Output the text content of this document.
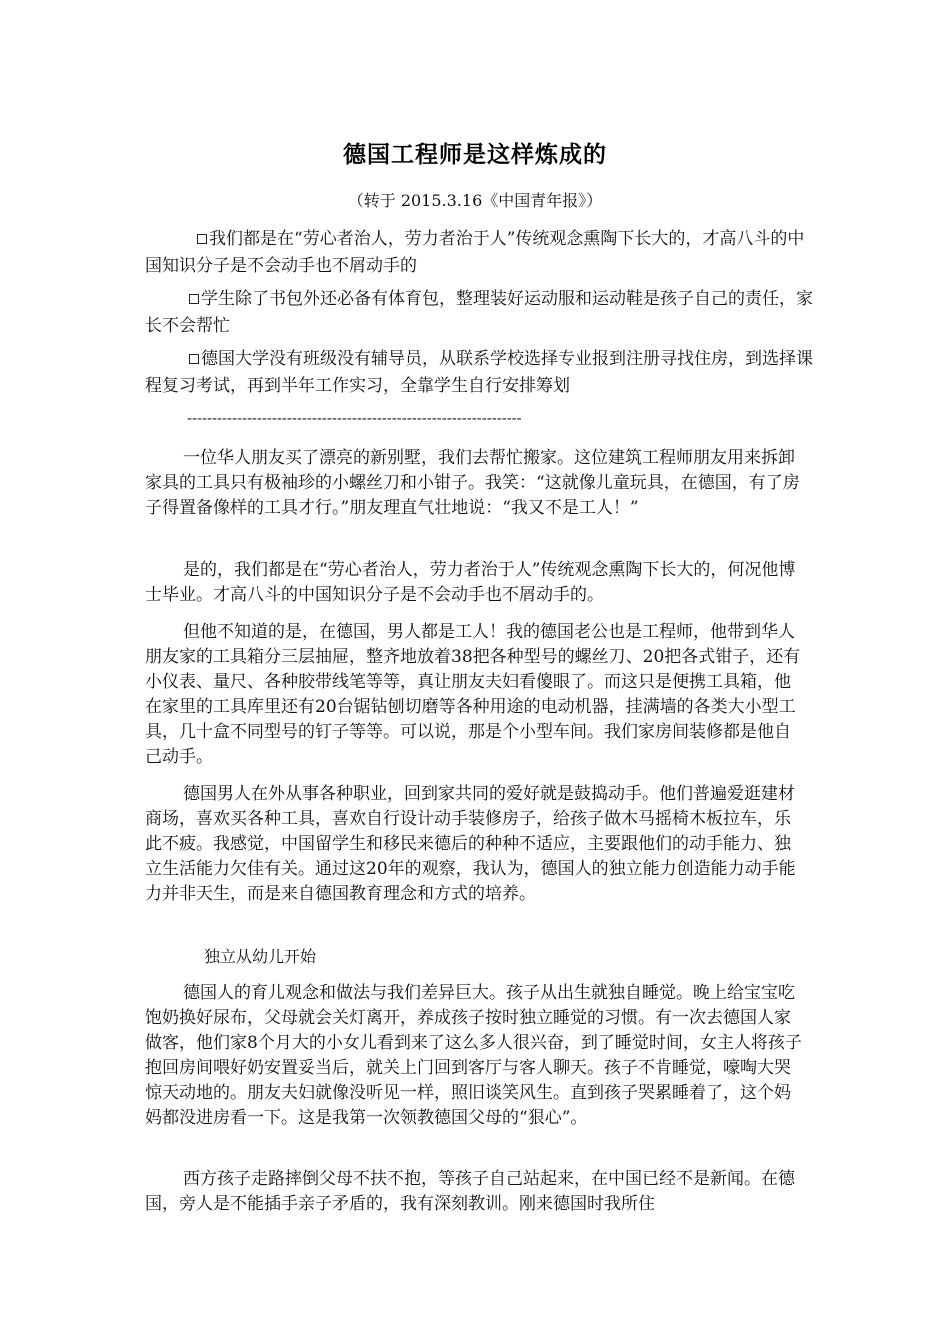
德国工程师是这样炼成的
（转于 2015.3.16《中国青年报》）
我们都是在“劳心者治人，劳力者治于人”传统观念熏陶下长大的，才高八斗的中国知识分子是不会动手也不屑动手的
学生除了书包外还必备有体育包，整理装好运动服和运动鞋是孩子自己的责任，家长不会帮忙
德国大学没有班级没有辅导员，从联系学校选择专业报到注册寻找住房，到选择课程复习考试，再到半年工作实习，全靠学生自行安排筹划
-------------------------------------------------------------------
一位华人朋友买了漂亮的新别墅，我们去帮忙搬家。这位建筑工程师朋友用来拆卸家具的工具只有极袖珍的小螺丝刀和小钳子。我笑：“这就像儿童玩具，在德国，有了房子得置备像样的工具才行。”朋友理直气壮地说：“我又不是工人！”
是的，我们都是在“劳心者治人，劳力者治于人”传统观念熏陶下长大的，何况他博士毕业。才高八斗的中国知识分子是不会动手也不屑动手的。
但他不知道的是，在德国，男人都是工人！我的德国老公也是工程师，他带到华人朋友家的工具箱分三层抽屉，整齐地放着38把各种型号的螺丝刀、20把各式钳子，还有小仪表、量尺、各种胶带线笔等等，真让朋友夫妇看傻眼了。而这只是便携工具箱，他在家里的工具库里还有20台锯钻刨切磨等各种用途的电动机器，挂满墙的各类大小型工具，几十盒不同型号的钉子等等。可以说，那是个小型车间。我们家房间装修都是他自己动手。
德国男人在外从事各种职业，回到家共同的爱好就是鼓捣动手。他们普遍爱逛建材商场，喜欢买各种工具，喜欢自行设计动手装修房子，给孩子做木马摇椅木板拉车，乐此不疲。我感觉，中国留学生和移民来德后的种种不适应，主要跟他们的动手能力、独立生活能力欠佳有关。通过这20年的观察，我认为，德国人的独立能力创造能力动手能力并非天生，而是来自德国教育理念和方式的培养。
独立从幼儿开始
德国人的育儿观念和做法与我们差异巨大。孩子从出生就独自睡觉。晚上给宝宝吃饱奶换好尿布，父母就会关灯离开，养成孩子按时独立睡觉的习惯。有一次去德国人家做客，他们家8个月大的小女儿看到来了这么多人很兴奋，到了睡觉时间，女主人将孩子抱回房间喂好奶安置妥当后，就关上门回到客厅与客人聊天。孩子不肯睡觉，嚎啕大哭惊天动地的。朋友夫妇就像没听见一样，照旧谈笑风生。直到孩子哭累睡着了，这个妈妈都没进房看一下。这是我第一次领教德国父母的“狠心”。
西方孩子走路摔倒父母不扶不抱，等孩子自己站起来，在中国已经不是新闻。在德国，旁人是不能插手亲子矛盾的，我有深刻教训。刚来德国时我所住
